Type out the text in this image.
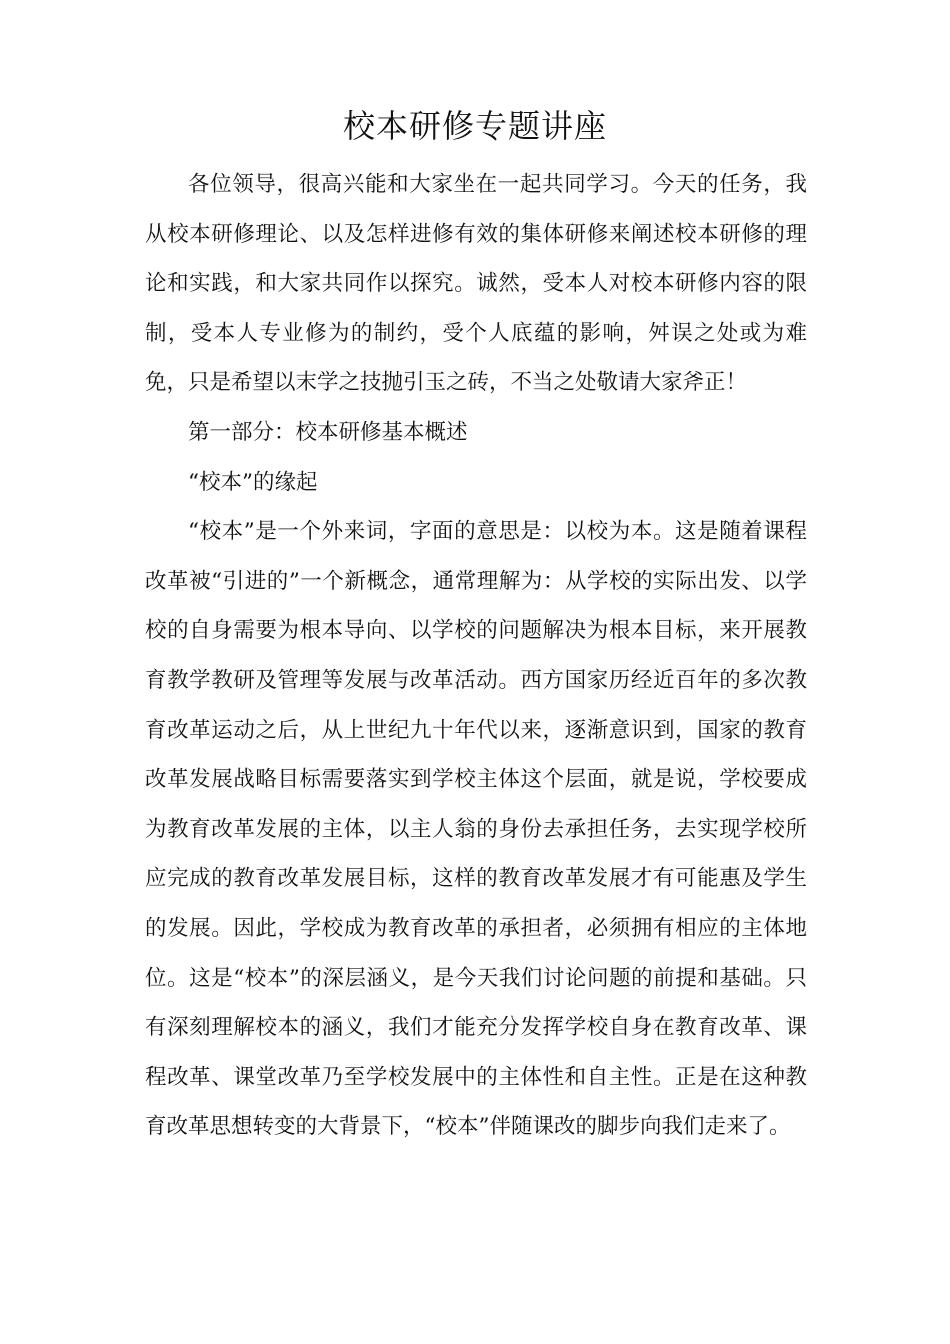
校本研修专题讲座

各位领导，很高兴能和大家坐在一起共同学习。今天的任务，我从校本研修理论、以及怎样进修有效的集体研修来阐述校本研修的理论和实践，和大家共同作以探究。诚然，受本人对校本研修内容的限制，受本人专业修为的制约，受个人底蕴的影响，舛误之处或为难免，只是希望以末学之技抛引玉之砖，不当之处敬请大家斧正！

第一部分：校本研修基本概述

“校本”的缘起

“校本”是一个外来词，字面的意思是：以校为本。这是随着课程改革被“引进的”一个新概念，通常理解为：从学校的实际出发、以学校的自身需要为根本导向、以学校的问题解决为根本目标，来开展教育教学教研及管理等发展与改革活动。西方国家历经近百年的多次教育改革运动之后，从上世纪九十年代以来，逐渐意识到，国家的教育改革发展战略目标需要落实到学校主体这个层面，就是说，学校要成为教育改革发展的主体，以主人翁的身份去承担任务，去实现学校所应完成的教育改革发展目标，这样的教育改革发展才有可能惠及学生的发展。因此，学校成为教育改革的承担者，必须拥有相应的主体地位。这是“校本”的深层涵义，是今天我们讨论问题的前提和基础。只有深刻理解校本的涵义，我们才能充分发挥学校自身在教育改革、课程改革、课堂改革乃至学校发展中的主体性和自主性。正是在这种教育改革思想转变的大背景下，“校本”伴随课改的脚步向我们走来了。
